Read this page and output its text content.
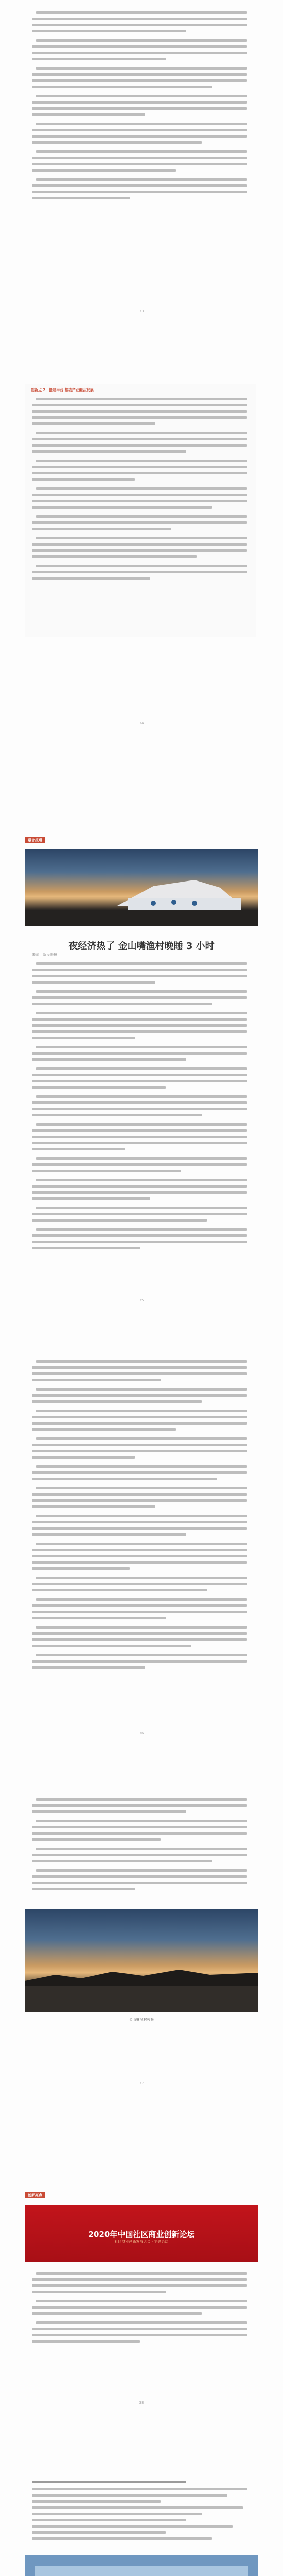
33
创新点 2：搭建平台 推动产业融合发展
34
融合报道
夜经济热了 金山嘴渔村晚睡 3 小时
来源：新民晚报
35
36
金山嘴渔村夜景
37
创新亮点
2020年中国社区商业创新论坛
社区商业创新发展大会 · 主题论坛
38
